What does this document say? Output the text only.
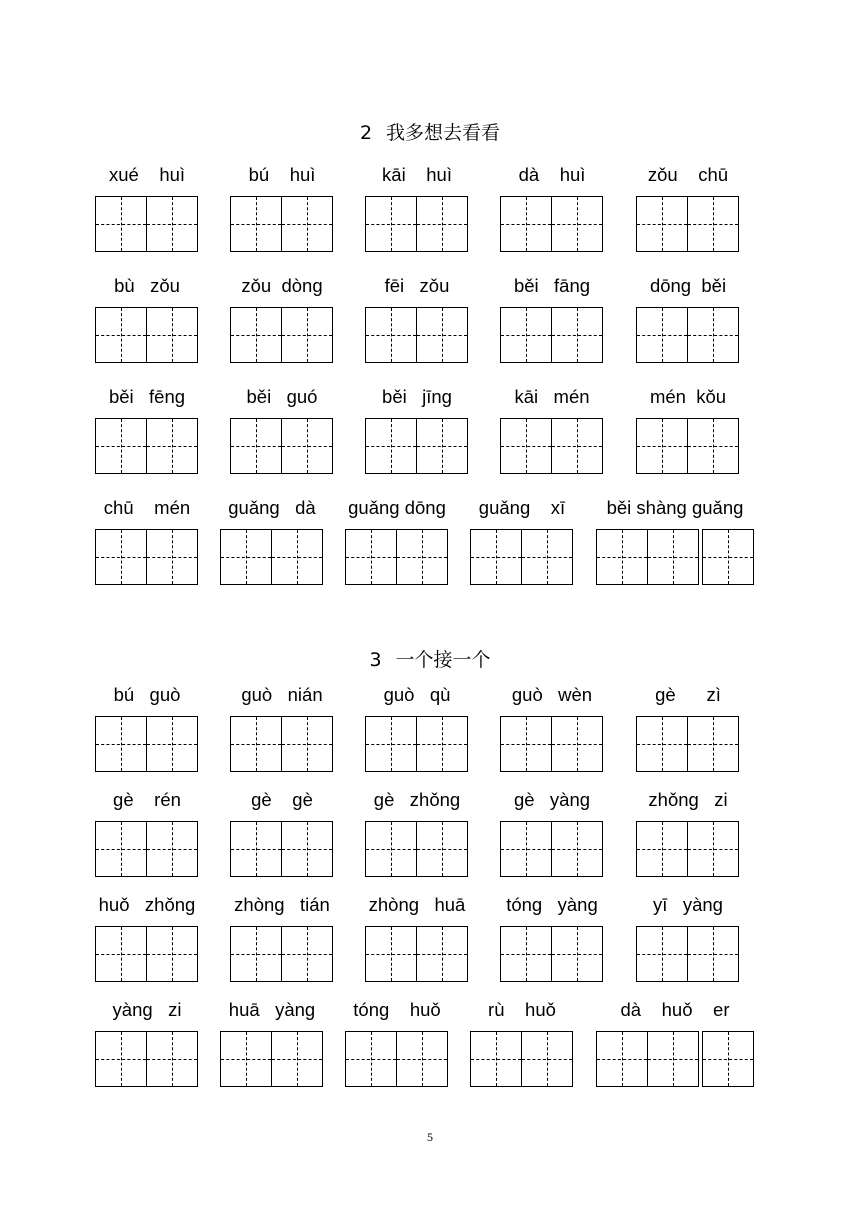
5
2 我多想去看看
xué    huì	bú    huì	kāi    huì	dà    huì	zǒu    chū
bù   zǒu	zǒu  dòng	fēi   zǒu	běi   fāng	dōng  běi
běi   fēng	běi   guó	běi   jīng	kāi   mén	mén  kǒu
chū    mén	guǎng   dà	guǎng dōng	guǎng    xī	běi shàng guǎng
3 一个接一个
bú   guò	guò   nián	guò   qù	guò   wèn	gè      zì
gè    rén	gè    gè	gè   zhǒng	gè   yàng	zhǒng   zi
huǒ   zhǒng	zhòng   tián	zhòng   huā	tóng   yàng	yī   yàng
yàng   zi	huā   yàng	tóng    huǒ	rù    huǒ	dà    huǒ    er
